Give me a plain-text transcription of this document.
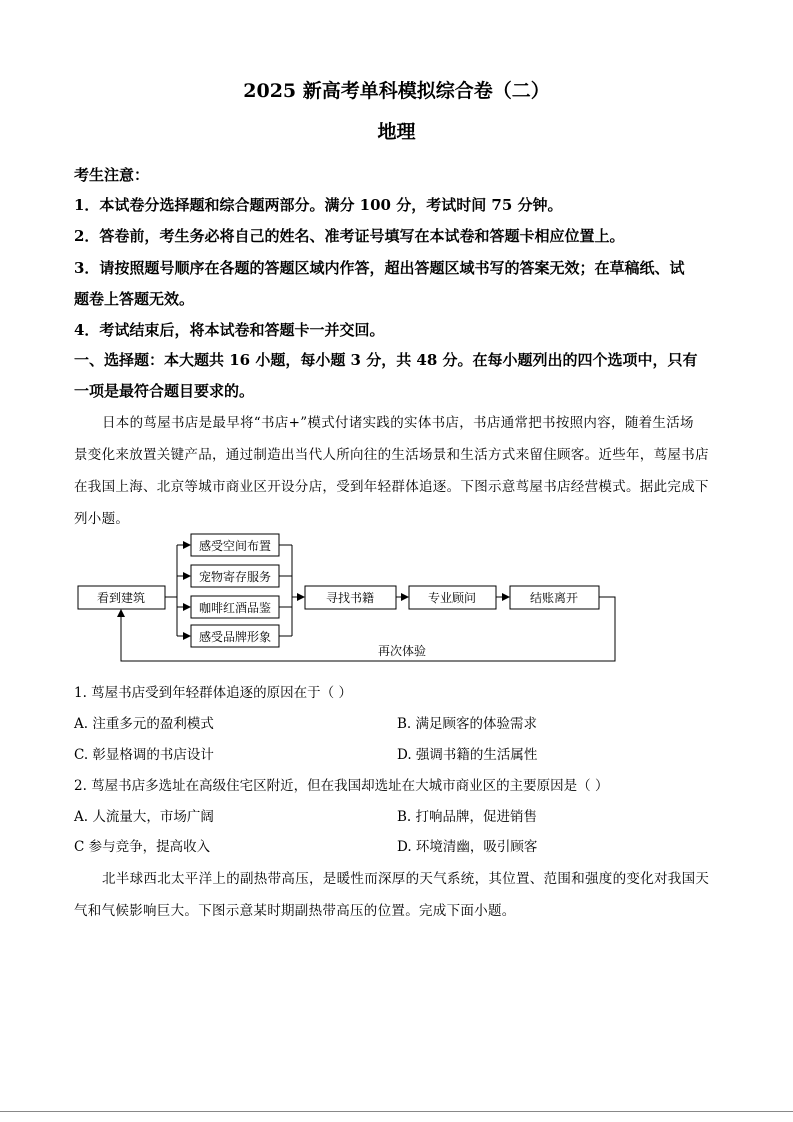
2025 新高考单科模拟综合卷（二）
地理
考生注意：
1．本试卷分选择题和综合题两部分。满分 100 分，考试时间 75 分钟。
2．答卷前，考生务必将自己的姓名、准考证号填写在本试卷和答题卡相应位置上。
3．请按照题号顺序在各题的答题区域内作答，超出答题区域书写的答案无效；在草稿纸、试
题卷上答题无效。
4．考试结束后，将本试卷和答题卡一并交回。
一、选择题：本大题共 16 小题，每小题 3 分，共 48 分。在每小题列出的四个选项中，只有
一项是最符合题目要求的。
日本的茑屋书店是最早将“书店+”模式付诸实践的实体书店，书店通常把书按照内容，随着生活场
景变化来放置关键产品，通过制造出当代人所向往的生活场景和生活方式来留住顾客。近些年，茑屋书店
在我国上海、北京等城市商业区开设分店，受到年轻群体追逐。下图示意茑屋书店经营模式。据此完成下
列小题。
看到建筑
感受空间布置
宠物寄存服务
咖啡红酒品鉴
感受品牌形象
寻找书籍	专业顾问	结账离开
再次体验
1. 茑屋书店受到年轻群体追逐的原因在于（ ）
A. 注重多元的盈利模式	B. 满足顾客的体验需求
C. 彰显格调的书店设计	D. 强调书籍的生活属性
2. 茑屋书店多选址在高级住宅区附近，但在我国却选址在大城市商业区的主要原因是（ ）
A. 人流量大，市场广阔	B. 打响品牌，促进销售
C 参与竞争，提高收入	D. 环境清幽，吸引顾客
北半球西北太平洋上的副热带高压，是暖性而深厚的天气系统，其位置、范围和强度的变化对我国天
气和气候影响巨大。下图示意某时期副热带高压的位置。完成下面小题。
